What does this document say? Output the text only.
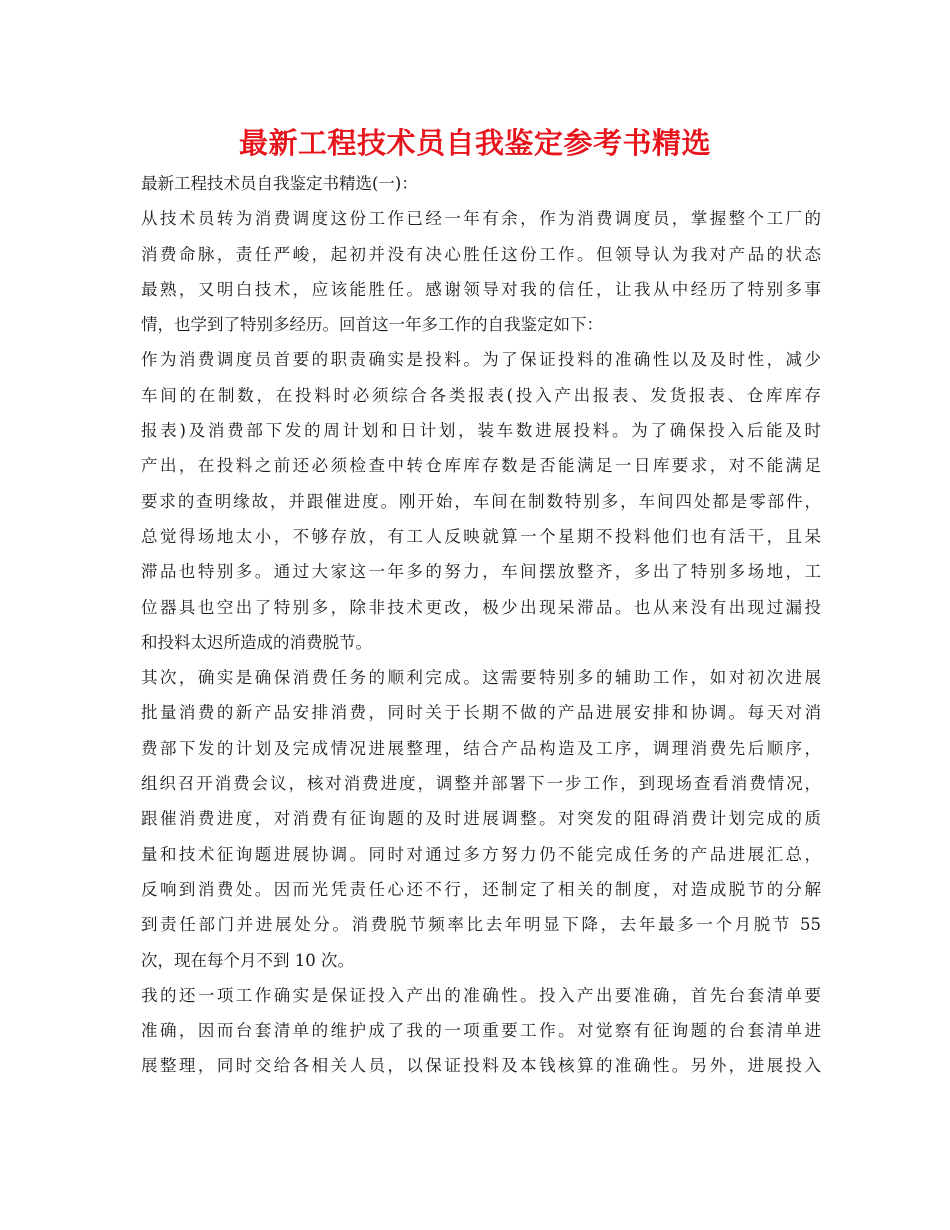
最新工程技术员自我鉴定参考书精选
最新工程技术员自我鉴定书精选(一)：
从技术员转为消费调度这份工作已经一年有余，作为消费调度员，掌握整个工厂的
消费命脉，责任严峻，起初并没有决心胜任这份工作。但领导认为我对产品的状态
最熟，又明白技术，应该能胜任。感谢领导对我的信任，让我从中经历了特别多事
情，也学到了特别多经历。回首这一年多工作的自我鉴定如下：
作为消费调度员首要的职责确实是投料。为了保证投料的准确性以及及时性，减少
车间的在制数，在投料时必须综合各类报表(投入产出报表、发货报表、仓库库存
报表)及消费部下发的周计划和日计划，装车数进展投料。为了确保投入后能及时
产出，在投料之前还必须检查中转仓库库存数是否能满足一日库要求，对不能满足
要求的查明缘故，并跟催进度。刚开始，车间在制数特别多，车间四处都是零部件，
总觉得场地太小，不够存放，有工人反映就算一个星期不投料他们也有活干，且呆
滞品也特别多。通过大家这一年多的努力，车间摆放整齐，多出了特别多场地，工
位器具也空出了特别多，除非技术更改，极少出现呆滞品。也从来没有出现过漏投
和投料太迟所造成的消费脱节。
其次，确实是确保消费任务的顺利完成。这需要特别多的辅助工作，如对初次进展
批量消费的新产品安排消费，同时关于长期不做的产品进展安排和协调。每天对消
费部下发的计划及完成情况进展整理，结合产品构造及工序，调理消费先后顺序，
组织召开消费会议，核对消费进度，调整并部署下一步工作，到现场查看消费情况，
跟催消费进度，对消费有征询题的及时进展调整。对突发的阻碍消费计划完成的质
量和技术征询题进展协调。同时对通过多方努力仍不能完成任务的产品进展汇总，
反响到消费处。因而光凭责任心还不行，还制定了相关的制度，对造成脱节的分解
到责任部门并进展处分。消费脱节频率比去年明显下降，去年最多一个月脱节 55
次，现在每个月不到 10 次。
我的还一项工作确实是保证投入产出的准确性。投入产出要准确，首先台套清单要
准确，因而台套清单的维护成了我的一项重要工作。对觉察有征询题的台套清单进
展整理，同时交给各相关人员，以保证投料及本钱核算的准确性。另外，进展投入
